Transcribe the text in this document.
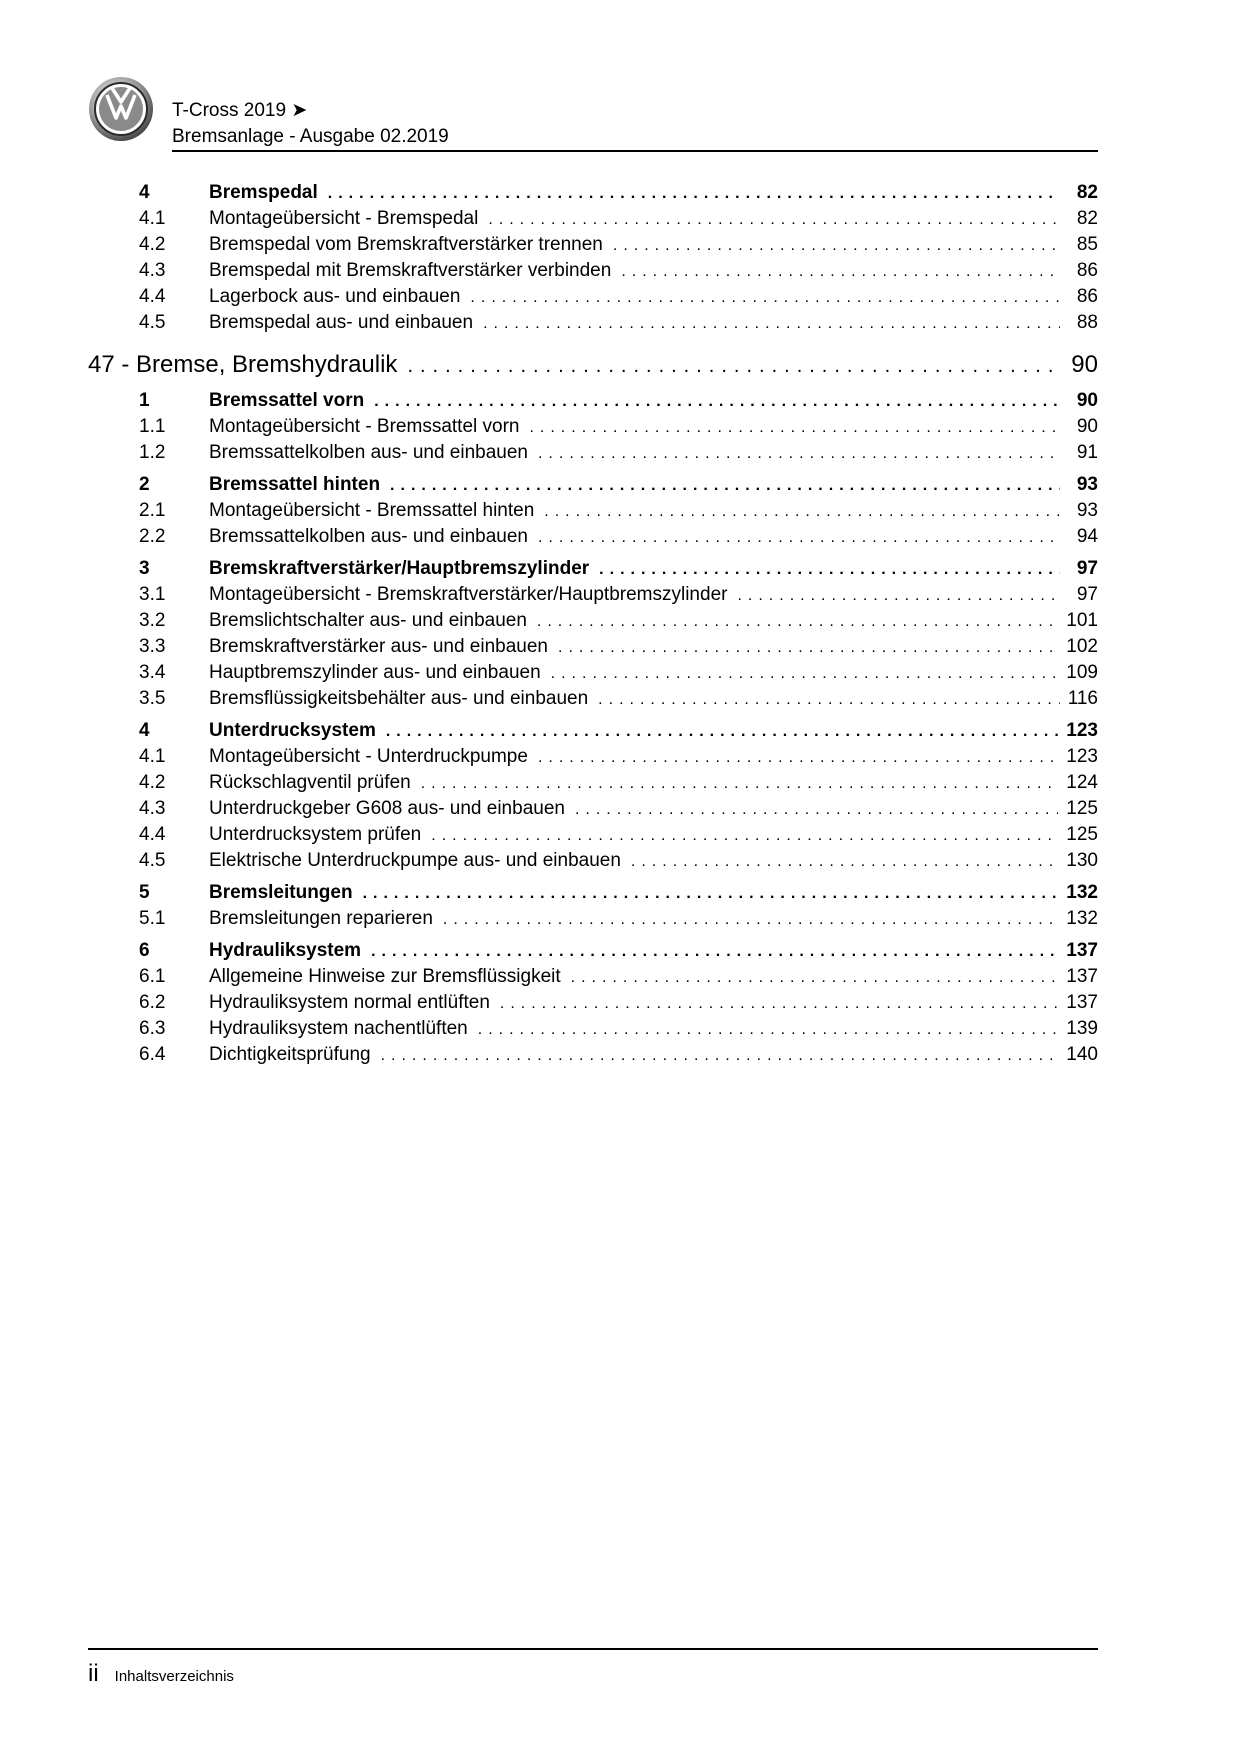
T-Cross 2019 ➤
Bremsanlage - Ausgabe 02.2019
4	Bremspedal .....	82
4.1	Montageübersicht - Bremspedal .....	82
4.2	Bremspedal vom Bremskraftverstärker trennen .....	85
4.3	Bremspedal mit Bremskraftverstärker verbinden .....	86
4.4	Lagerbock aus- und einbauen .....	86
4.5	Bremspedal aus- und einbauen .....	88
47 - Bremse, Bremshydraulik .....	90
1	Bremssattel vorn .....	90
1.1	Montageübersicht - Bremssattel vorn .....	90
1.2	Bremssattelkolben aus- und einbauen .....	91
2	Bremssattel hinten .....	93
2.1	Montageübersicht - Bremssattel hinten .....	93
2.2	Bremssattelkolben aus- und einbauen .....	94
3	Bremskraftverstärker/Hauptbremszylinder .....	97
3.1	Montageübersicht - Bremskraftverstärker/Hauptbremszylinder .....	97
3.2	Bremslichtschalter aus- und einbauen .....	101
3.3	Bremskraftverstärker aus- und einbauen .....	102
3.4	Hauptbremszylinder aus- und einbauen .....	109
3.5	Bremsflüssigkeitsbehälter aus- und einbauen .....	116
4	Unterdrucksystem .....	123
4.1	Montageübersicht - Unterdruckpumpe .....	123
4.2	Rückschlagventil prüfen .....	124
4.3	Unterdruckgeber G608 aus- und einbauen .....	125
4.4	Unterdrucksystem prüfen .....	125
4.5	Elektrische Unterdruckpumpe aus- und einbauen .....	130
5	Bremsleitungen .....	132
5.1	Bremsleitungen reparieren .....	132
6	Hydrauliksystem .....	137
6.1	Allgemeine Hinweise zur Bremsflüssigkeit .....	137
6.2	Hydrauliksystem normal entlüften .....	137
6.3	Hydrauliksystem nachentlüften .....	139
6.4	Dichtigkeitsprüfung .....	140
ii Inhaltsverzeichnis
